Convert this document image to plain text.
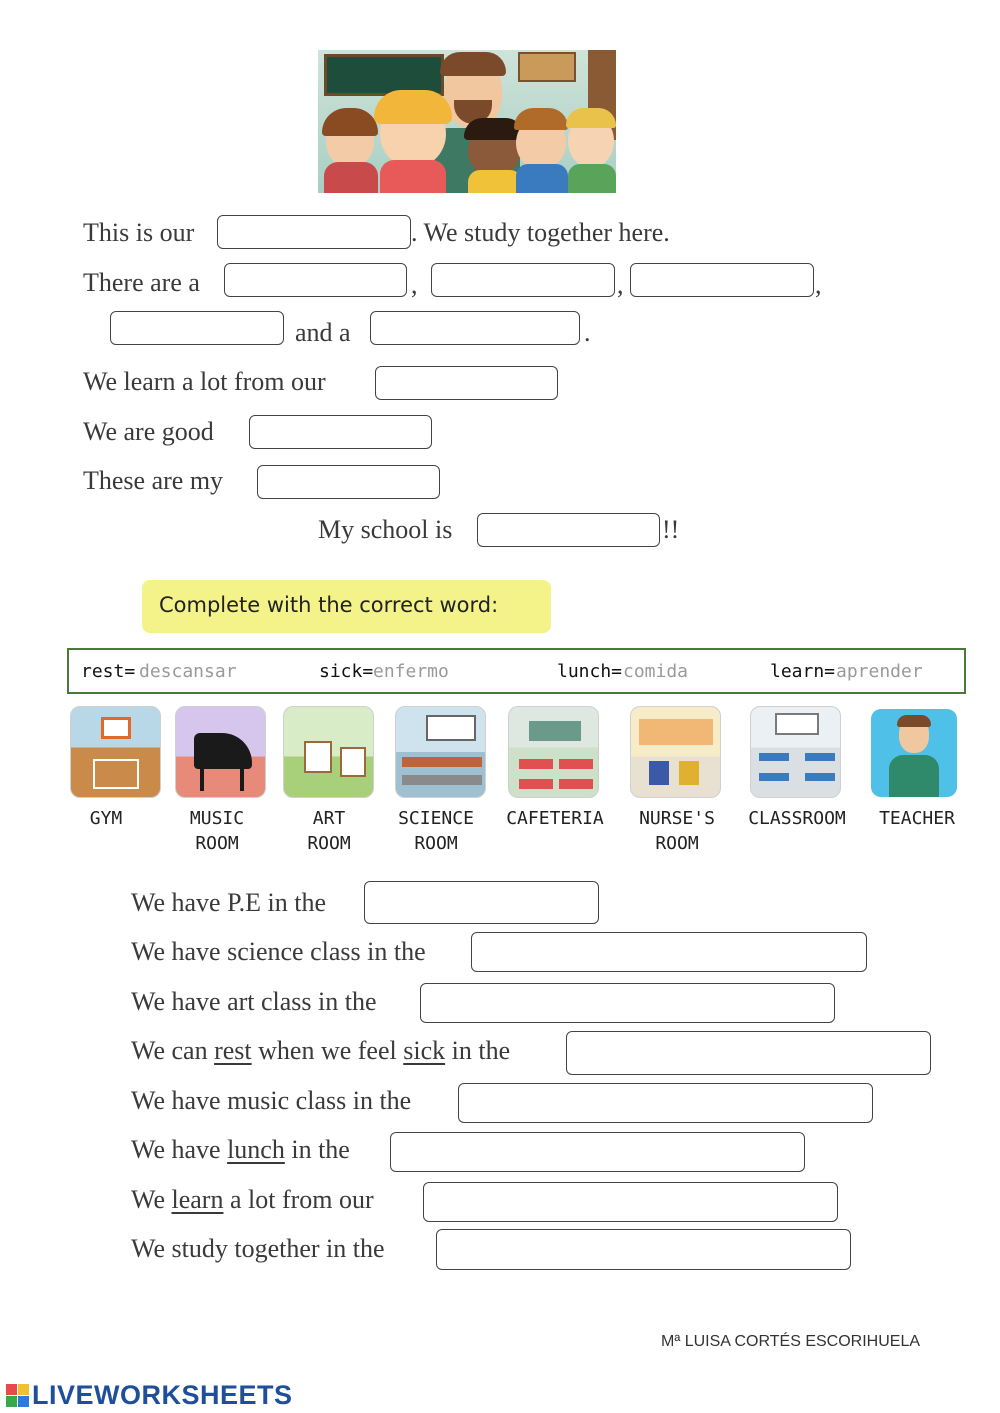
This is our	. We study together here.
There are a	,	,	,
and a	.
We learn a lot from our
We are good
These are my
My school is	!!
Complete with the correct word:
rest= descansar	sick= enfermo	lunch= comida	learn= aprender
GYM	MUSIC
ROOM
ART
ROOM
SCIENCE
ROOM
CAFETERIA	NURSE'S
ROOM
CLASSROOM	TEACHER
We have P.E in the
We have science class in the
We have art class in the
We can rest when we feel sick in the
We have music class in the
We have lunch in the
We learn a lot from our
We study together in the
Mª LUISA CORTÉS ESCORIHUELA
LIVEWORKSHEETS
